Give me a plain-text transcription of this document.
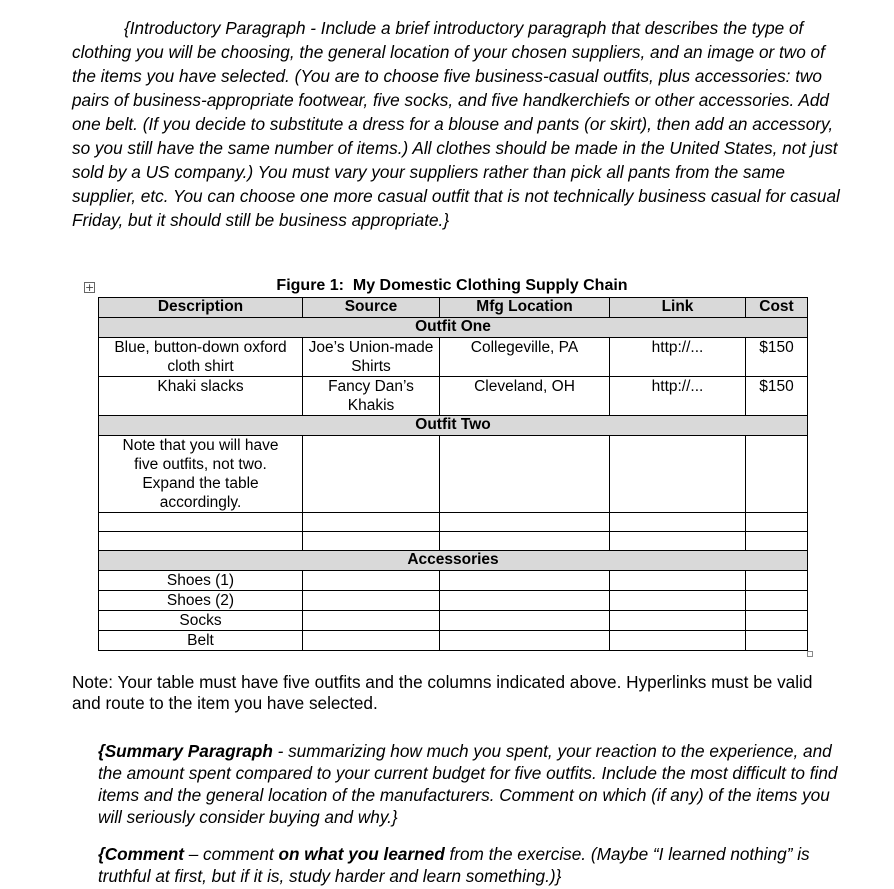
{Introductory Paragraph - Include a brief introductory paragraph that describes the type of clothing you will be choosing, the general location of your chosen suppliers, and an image or two of the items you have selected. (You are to choose five business-casual outfits, plus accessories: two pairs of business-appropriate footwear, five socks, and five handkerchiefs or other accessories. Add one belt. (If you decide to substitute a dress for a blouse and pants (or skirt), then add an accessory, so you still have the same number of items.) All clothes should be made in the United States, not just sold by a US company.) You must vary your suppliers rather than pick all pants from the same supplier, etc. You can choose one more casual outfit that is not technically business casual for casual Friday, but it should still be business appropriate.}

+	Figure 1:  My Domestic Clothing Supply Chain
Description	Source	Mfg Location	Link	Cost
Outfit One				
Blue, button-down oxford cloth shirt	Joe’s Union-made Shirts	Collegeville, PA	http://...	$150
Khaki slacks	Fancy Dan’s Khakis	Cleveland, OH	http://...	$150
Outfit Two				
Note that you will have five outfits, not two. Expand the table accordingly.				

Accessories				
Shoes (1)				
Shoes (2)				
Socks				
Belt				

Note: Your table must have five outfits and the columns indicated above. Hyperlinks must be valid and route to the item you have selected.

{Summary Paragraph - summarizing how much you spent, your reaction to the experience, and the amount spent compared to your current budget for five outfits. Include the most difficult to find items and the general location of the manufacturers. Comment on which (if any) of the items you will seriously consider buying and why.}

{Comment – comment on what you learned from the exercise. (Maybe “I learned nothing” is truthful at first, but if it is, study harder and learn something.)}
